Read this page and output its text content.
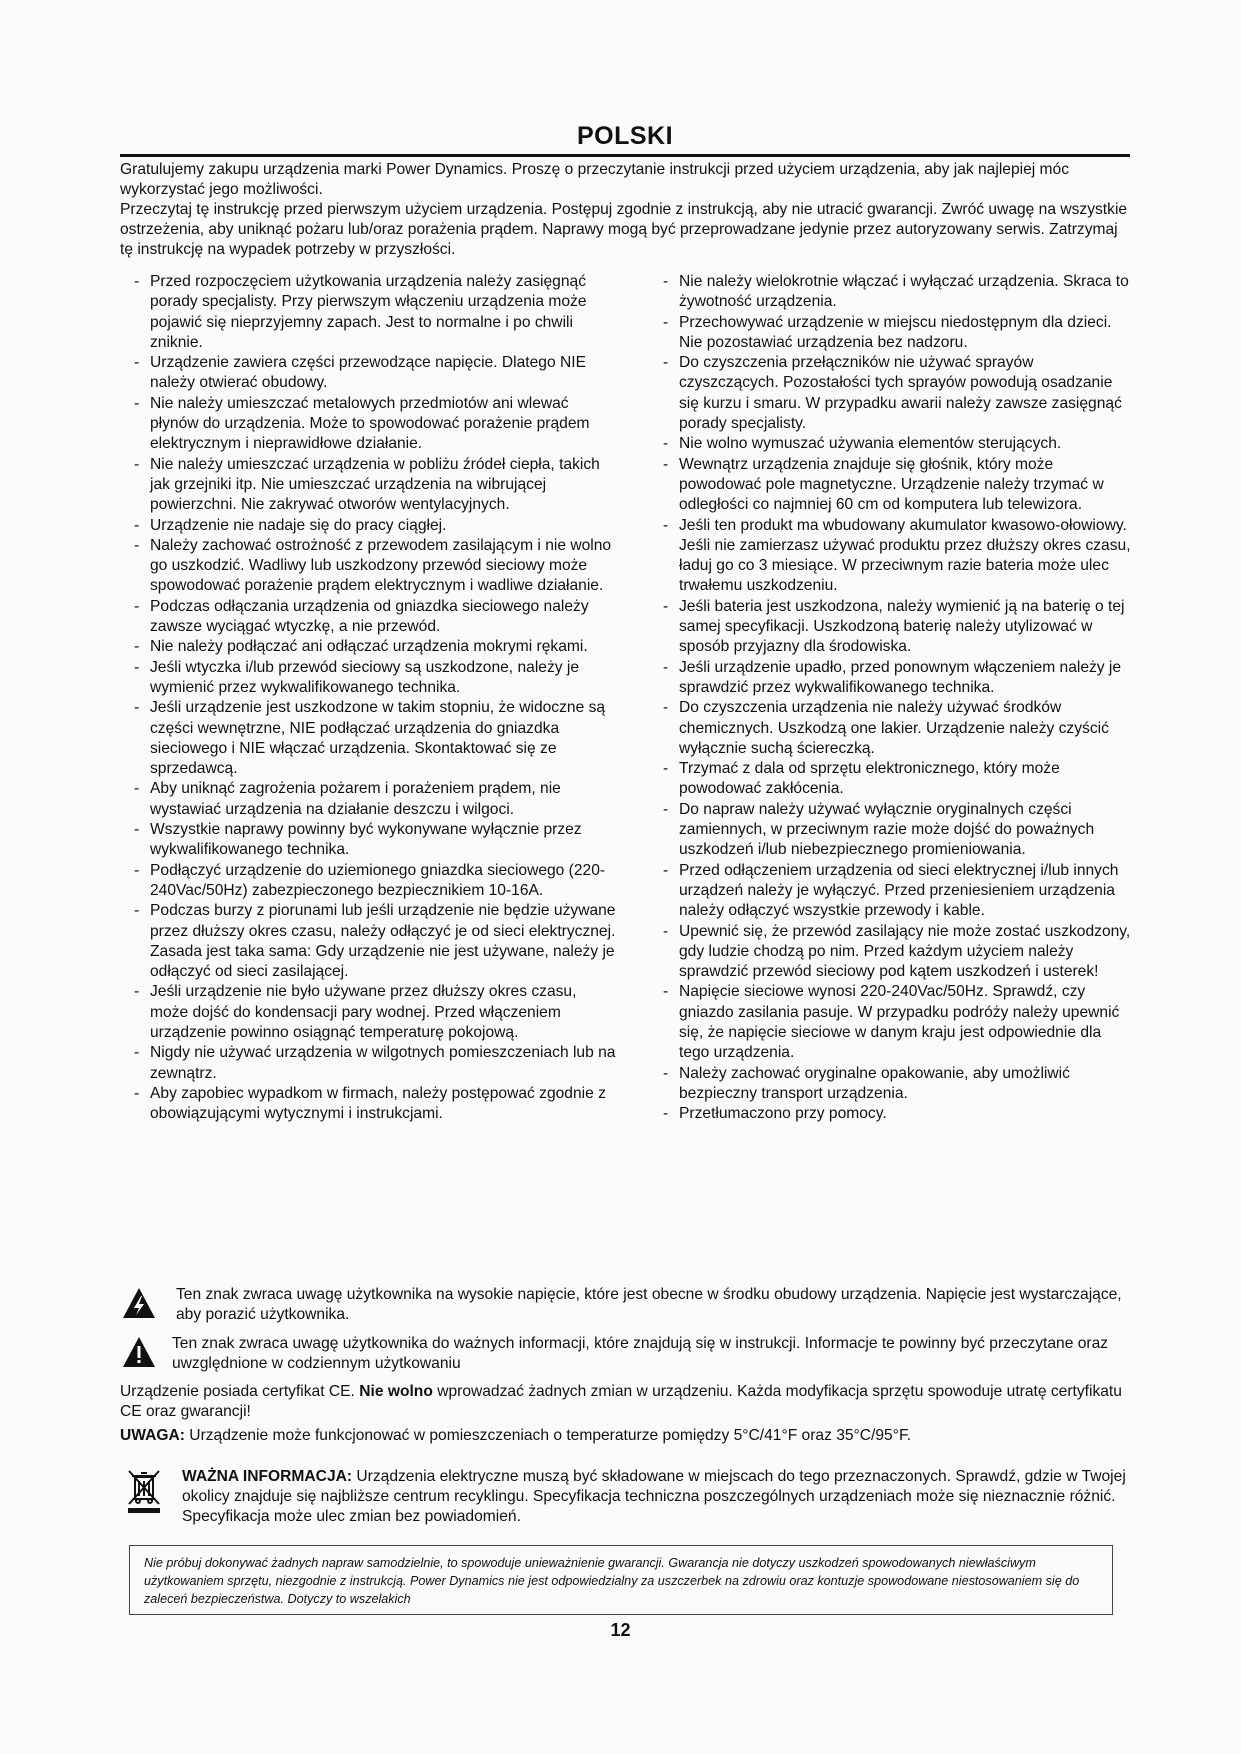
POLSKI

Gratulujemy zakupu urządzenia marki Power Dynamics. Proszę o przeczytanie instrukcji przed użyciem urządzenia, aby jak najlepiej móc wykorzystać jego możliwości.

Przeczytaj tę instrukcję przed pierwszym użyciem urządzenia. Postępuj zgodnie z instrukcją, aby nie utracić gwarancji. Zwróć uwagę na wszystkie ostrzeżenia, aby uniknąć pożaru lub/oraz porażenia prądem. Naprawy mogą być przeprowadzane jedynie przez autoryzowany serwis. Zatrzymaj tę instrukcję na wypadek potrzeby w przyszłości.

- Przed rozpoczęciem użytkowania urządzenia należy zasięgnąć porady specjalisty. Przy pierwszym włączeniu urządzenia może pojawić się nieprzyjemny zapach. Jest to normalne i po chwili zniknie.
- Urządzenie zawiera części przewodzące napięcie. Dlatego NIE należy otwierać obudowy.
- Nie należy umieszczać metalowych przedmiotów ani wlewać płynów do urządzenia. Może to spowodować porażenie prądem elektrycznym i nieprawidłowe działanie.
- Nie należy umieszczać urządzenia w pobliżu źródeł ciepła, takich jak grzejniki itp. Nie umieszczać urządzenia na wibrującej powierzchni. Nie zakrywać otworów wentylacyjnych.
- Urządzenie nie nadaje się do pracy ciągłej.
- Należy zachować ostrożność z przewodem zasilającym i nie wolno go uszkodzić. Wadliwy lub uszkodzony przewód sieciowy może spowodować porażenie prądem elektrycznym i wadliwe działanie.
- Podczas odłączania urządzenia od gniazdka sieciowego należy zawsze wyciągać wtyczkę, a nie przewód.
- Nie należy podłączać ani odłączać urządzenia mokrymi rękami.
- Jeśli wtyczka i/lub przewód sieciowy są uszkodzone, należy je wymienić przez wykwalifikowanego technika.
- Jeśli urządzenie jest uszkodzone w takim stopniu, że widoczne są części wewnętrzne, NIE podłączać urządzenia do gniazdka sieciowego i NIE włączać urządzenia. Skontaktować się ze sprzedawcą.
- Aby uniknąć zagrożenia pożarem i porażeniem prądem, nie wystawiać urządzenia na działanie deszczu i wilgoci.
- Wszystkie naprawy powinny być wykonywane wyłącznie przez wykwalifikowanego technika.
- Podłączyć urządzenie do uziemionego gniazdka sieciowego (220-240Vac/50Hz) zabezpieczonego bezpiecznikiem 10-16A.
- Podczas burzy z piorunami lub jeśli urządzenie nie będzie używane przez dłuższy okres czasu, należy odłączyć je od sieci elektrycznej. Zasada jest taka sama: Gdy urządzenie nie jest używane, należy je odłączyć od sieci zasilającej.
- Jeśli urządzenie nie było używane przez dłuższy okres czasu, może dojść do kondensacji pary wodnej. Przed włączeniem urządzenie powinno osiągnąć temperaturę pokojową.
- Nigdy nie używać urządzenia w wilgotnych pomieszczeniach lub na zewnątrz.
- Aby zapobiec wypadkom w firmach, należy postępować zgodnie z obowiązującymi wytycznymi i instrukcjami.
- Nie należy wielokrotnie włączać i wyłączać urządzenia. Skraca to żywotność urządzenia.
- Przechowywać urządzenie w miejscu niedostępnym dla dzieci. Nie pozostawiać urządzenia bez nadzoru.
- Do czyszczenia przełączników nie używać sprayów czyszczących. Pozostałości tych sprayów powodują osadzanie się kurzu i smaru. W przypadku awarii należy zawsze zasięgnąć porady specjalisty.
- Nie wolno wymuszać używania elementów sterujących.
- Wewnątrz urządzenia znajduje się głośnik, który może powodować pole magnetyczne. Urządzenie należy trzymać w odległości co najmniej 60 cm od komputera lub telewizora.
- Jeśli ten produkt ma wbudowany akumulator kwasowo-ołowiowy. Jeśli nie zamierzasz używać produktu przez dłuższy okres czasu, ładuj go co 3 miesiące. W przeciwnym razie bateria może ulec trwałemu uszkodzeniu.
- Jeśli bateria jest uszkodzona, należy wymienić ją na baterię o tej samej specyfikacji. Uszkodzoną baterię należy utylizować w sposób przyjazny dla środowiska.
- Jeśli urządzenie upadło, przed ponownym włączeniem należy je sprawdzić przez wykwalifikowanego technika.
- Do czyszczenia urządzenia nie należy używać środków chemicznych. Uszkodzą one lakier. Urządzenie należy czyścić wyłącznie suchą ściereczką.
- Trzymać z dala od sprzętu elektronicznego, który może powodować zakłócenia.
- Do napraw należy używać wyłącznie oryginalnych części zamiennych, w przeciwnym razie może dojść do poważnych uszkodzeń i/lub niebezpiecznego promieniowania.
- Przed odłączeniem urządzenia od sieci elektrycznej i/lub innych urządzeń należy je wyłączyć. Przed przeniesieniem urządzenia należy odłączyć wszystkie przewody i kable.
- Upewnić się, że przewód zasilający nie może zostać uszkodzony, gdy ludzie chodzą po nim. Przed każdym użyciem należy sprawdzić przewód sieciowy pod kątem uszkodzeń i usterek!
- Napięcie sieciowe wynosi 220-240Vac/50Hz. Sprawdź, czy gniazdo zasilania pasuje. W przypadku podróży należy upewnić się, że napięcie sieciowe w danym kraju jest odpowiednie dla tego urządzenia.
- Należy zachować oryginalne opakowanie, aby umożliwić bezpieczny transport urządzenia.
- Przetłumaczono przy pomocy.
Ten znak zwraca uwagę użytkownika na wysokie napięcie, które jest obecne w środku obudowy urządzenia. Napięcie jest wystarczające, aby porazić użytkownika.
Ten znak zwraca uwagę użytkownika do ważnych informacji, które znajdują się w instrukcji. Informacje te powinny być przeczytane oraz uwzględnione w codziennym użytkowaniu

Urządzenie posiada certyfikat CE. Nie wolno wprowadzać żadnych zmian w urządzeniu. Każda modyfikacja sprzętu spowoduje utratę certyfikatu CE oraz gwarancji!

UWAGA: Urządzenie może funkcjonować w pomieszczeniach o temperaturze pomiędzy 5°C/41°F oraz 35°C/95°F.

WAŻNA INFORMACJA: Urządzenia elektryczne muszą być składowane w miejscach do tego przeznaczonych. Sprawdź, gdzie w Twojej okolicy znajduje się najbliższe centrum recyklingu. Specyfikacja techniczna poszczególnych urządzeniach może się nieznacznie różnić. Specyfikacja może ulec zmian bez powiadomień.
Nie próbuj dokonywać żadnych napraw samodzielnie, to spowoduje unieważnienie gwarancji. Gwarancja nie dotyczy uszkodzeń spowodowanych niewłaściwym użytkowaniem sprzętu, niezgodnie z instrukcją. Power Dynamics nie jest odpowiedzialny za uszczerbek na zdrowiu oraz kontuzje spowodowane niestosowaniem się do zaleceń bezpieczeństwa. Dotyczy to wszelakich
12
